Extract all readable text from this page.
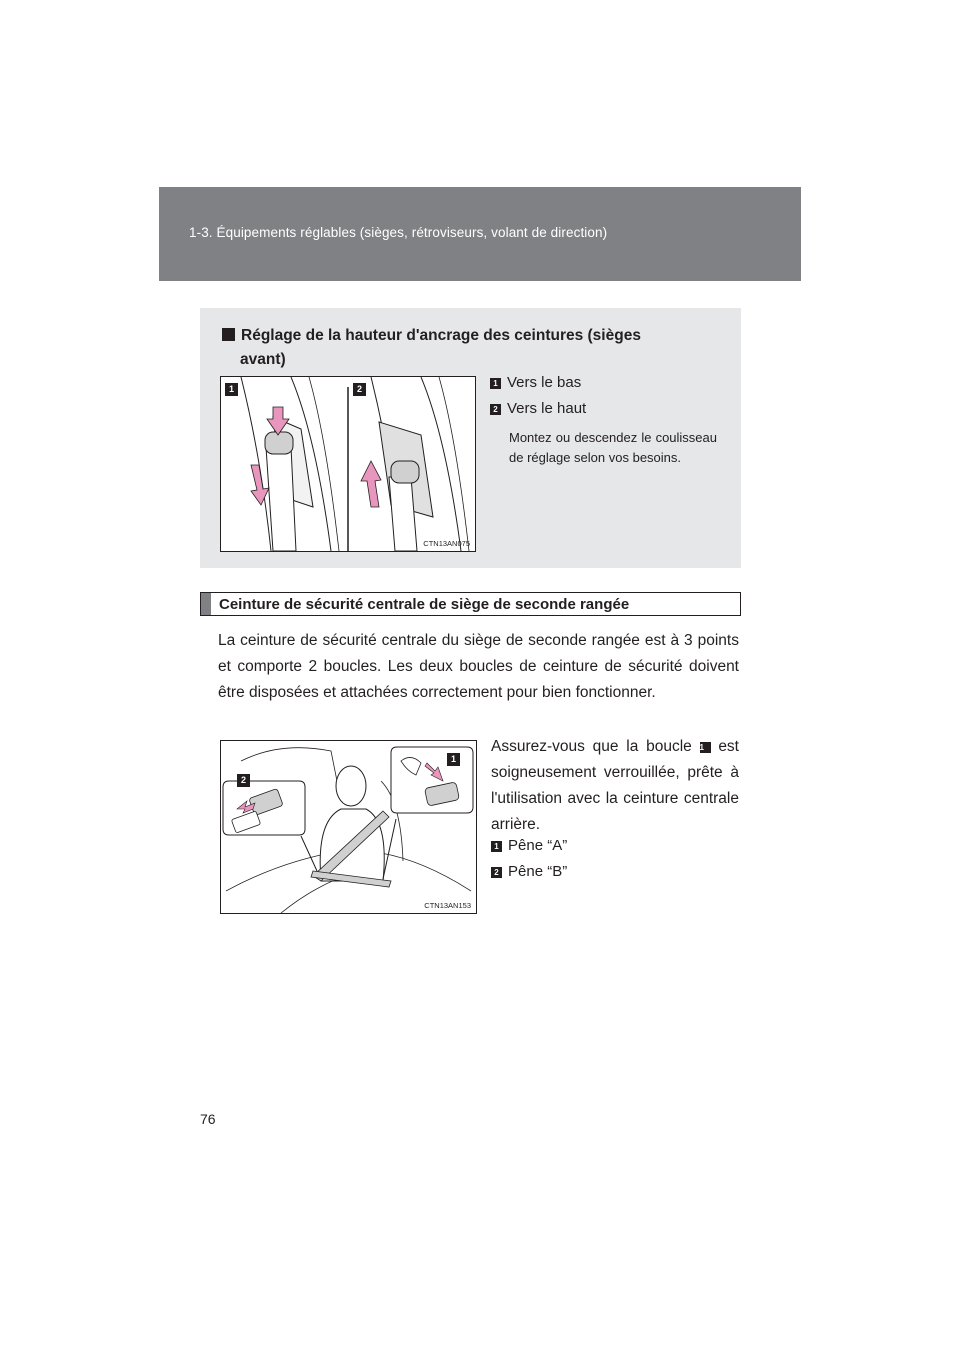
1-3. Équipements réglables (sièges, rétroviseurs, volant de direction)
Réglage de la hauteur d'ancrage des ceintures (sièges
avant)
1	2
CTN13AN075
1 Vers le bas
2 Vers le haut
Montez ou descendez le coulisseau de réglage selon vos besoins.
Ceinture de sécurité centrale de siège de seconde rangée
La ceinture de sécurité centrale du siège de seconde rangée est à 3 points et comporte 2 boucles. Les deux boucles de ceinture de sécurité doivent être disposées et attachées correctement pour bien fonctionner.
2
1
CTN13AN153
Assurez-vous que la boucle 1 est soigneusement verrouillée, prête à l'utilisation avec la ceinture centrale arrière.
1 Pêne “A”
2 Pêne “B”
76
